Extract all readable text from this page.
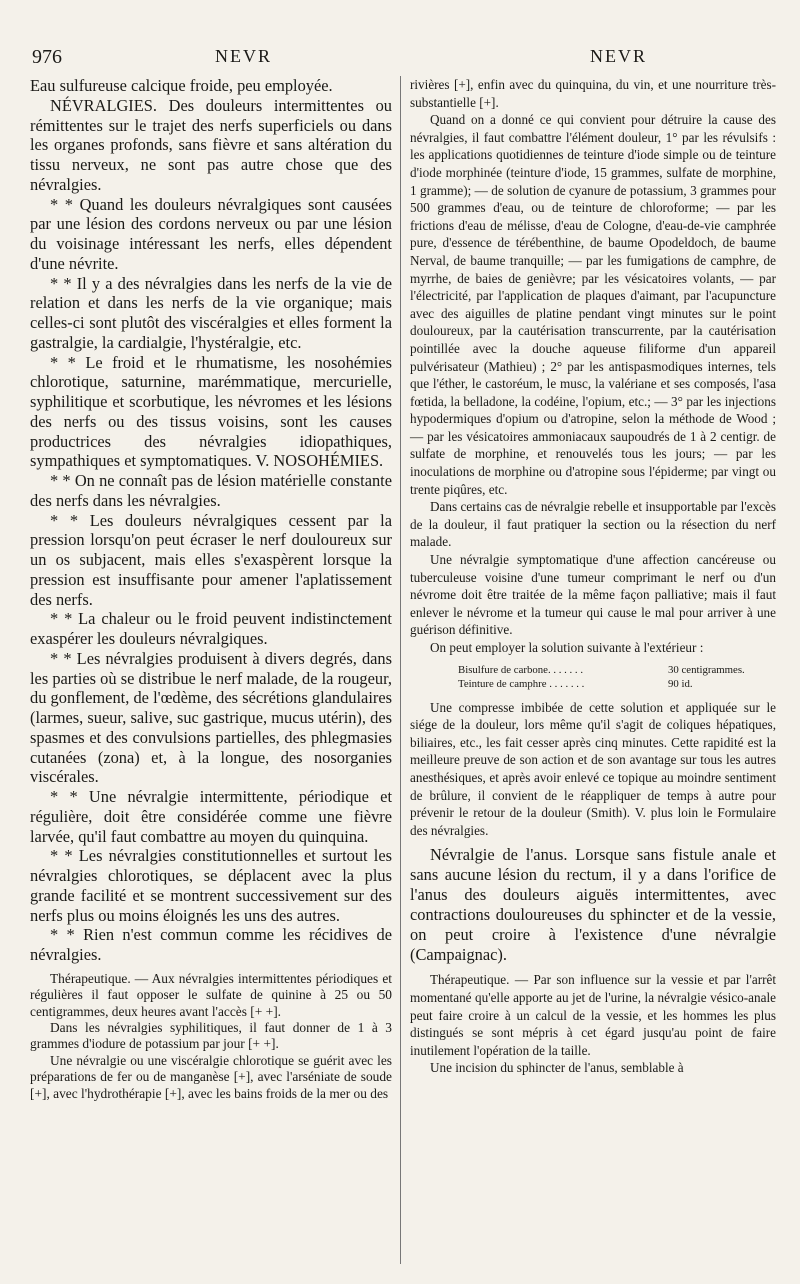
976	NEVR	NEVR

Eau sulfureuse calcique froide, peu employée.

NÉVRALGIES. Des douleurs intermittentes ou rémittentes sur le trajet des nerfs superficiels ou dans les organes profonds, sans fièvre et sans altération du tissu nerveux, ne sont pas autre chose que des névralgies.

* * Quand les douleurs névralgiques sont causées par une lésion des cordons nerveux ou par une lésion du voisinage intéressant les nerfs, elles dépendent d'une névrite.

* * Il y a des névralgies dans les nerfs de la vie de relation et dans les nerfs de la vie organique; mais celles-ci sont plutôt des viscéralgies et elles forment la gastralgie, la cardialgie, l'hystéralgie, etc.

* * Le froid et le rhumatisme, les nosohémies chlorotique, saturnine, marémmatique, mercurielle, syphilitique et scorbutique, les névromes et les lésions des nerfs ou des tissus voisins, sont les causes productrices des névralgies idiopathiques, sympathiques et symptomatiques. V. NOSOHÉMIES.

* * On ne connaît pas de lésion matérielle constante des nerfs dans les névralgies.

* * Les douleurs névralgiques cessent par la pression lorsqu'on peut écraser le nerf douloureux sur un os subjacent, mais elles s'exaspèrent lorsque la pression est insuffisante pour amener l'aplatissement des nerfs.

* * La chaleur ou le froid peuvent indistinctement exaspérer les douleurs névralgiques.

* * Les névralgies produisent à divers degrés, dans les parties où se distribue le nerf malade, de la rougeur, du gonflement, de l'œdème, des sécrétions glandulaires (larmes, sueur, salive, suc gastrique, mucus utérin), des spasmes et des convulsions partielles, des phlegmasies cutanées (zona) et, à la longue, des nosorganies viscérales.

* * Une névralgie intermittente, périodique et régulière, doit être considérée comme une fièvre larvée, qu'il faut combattre au moyen du quinquina.

* * Les névralgies constitutionnelles et surtout les névralgies chlorotiques, se déplacent avec la plus grande facilité et se montrent successivement sur des nerfs plus ou moins éloignés les uns des autres.

* * Rien n'est commun comme les récidives de névralgies.

Thérapeutique. — Aux névralgies intermittentes périodiques et régulières il faut opposer le sulfate de quinine à 25 ou 50 centigrammes, deux heures avant l'accès [+ +].

Dans les névralgies syphilitiques, il faut donner de 1 à 3 grammes d'iodure de potassium par jour [+ +].

Une névralgie ou une viscéralgie chlorotique se guérit avec les préparations de fer ou de manganèse [+], avec l'arséniate de soude [+], avec l'hydrothérapie [+], avec les bains froids de la mer ou des

rivières [+], enfin avec du quinquina, du vin, et une nourriture très-substantielle [+].

Quand on a donné ce qui convient pour détruire la cause des névralgies, il faut combattre l'élément douleur, 1° par les révulsifs : les applications quotidiennes de teinture d'iode simple ou de teinture d'iode morphinée (teinture d'iode, 15 grammes, sulfate de morphine, 1 gramme); — de solution de cyanure de potassium, 3 grammes pour 500 grammes d'eau, ou de teinture de chloroforme; — par les frictions d'eau de mélisse, d'eau de Cologne, d'eau-de-vie camphrée pure, d'essence de térébenthine, de baume Opodeldoch, de baume Nerval, de baume tranquille; — par les fumigations de camphre, de myrrhe, de baies de genièvre; par les vésicatoires volants, — par l'électricité, par l'application de plaques d'aimant, par l'acupuncture avec des aiguilles de platine pendant vingt minutes sur le point douloureux, par la cautérisation transcurrente, par la cautérisation pointillée avec la douche aqueuse filiforme d'un appareil pulvérisateur (Mathieu) ; 2° par les antispasmodiques internes, tels que l'éther, le castoréum, le musc, la valériane et ses composés, l'asa fœtida, la belladone, la codéine, l'opium, etc.; — 3° par les injections hypodermiques d'opium ou d'atropine, selon la méthode de Wood ; — par les vésicatoires ammoniacaux saupoudrés de 1 à 2 centigr. de sulfate de morphine, et renouvelés tous les jours; — par les inoculations de morphine ou d'atropine sous l'épiderme; par vingt ou trente piqûres, etc.

Dans certains cas de névralgie rebelle et insupportable par l'excès de la douleur, il faut pratiquer la section ou la résection du nerf malade.

Une névralgie symptomatique d'une affection cancéreuse ou tuberculeuse voisine d'une tumeur comprimant le nerf ou d'un névrome doit être traitée de la même façon palliative; mais il faut enlever le névrome et la tumeur qui cause le mal pour arriver à une guérison définitive.

On peut employer la solution suivante à l'extérieur :

Bisulfure de carbone. . . . . . .	30 centigrammes.
Teinture de camphre . . . . . . .	90 id.

Une compresse imbibée de cette solution et appliquée sur le siége de la douleur, lors même qu'il s'agit de coliques hépatiques, biliaires, etc., les fait cesser après cinq minutes. Cette rapidité est la meilleure preuve de son action et de son avantage sur tous les autres anesthésiques, et après avoir enlevé ce topique au moindre sentiment de brûlure, il convient de le réappliquer de temps à autre pour prévenir le retour de la douleur (Smith). V. plus loin le Formulaire des névralgies.

Névralgie de l'anus. Lorsque sans fistule anale et sans aucune lésion du rectum, il y a dans l'orifice de l'anus des douleurs aiguës intermittentes, avec contractions douloureuses du sphincter et de la vessie, on peut croire à l'existence d'une névralgie (Campaignac).

Thérapeutique. — Par son influence sur la vessie et par l'arrêt momentané qu'elle apporte au jet de l'urine, la névralgie vésico-anale peut faire croire à un calcul de la vessie, et les hommes les plus distingués se sont mépris à cet égard jusqu'au point de faire inutilement l'opération de la taille.

Une incision du sphincter de l'anus, semblable à
